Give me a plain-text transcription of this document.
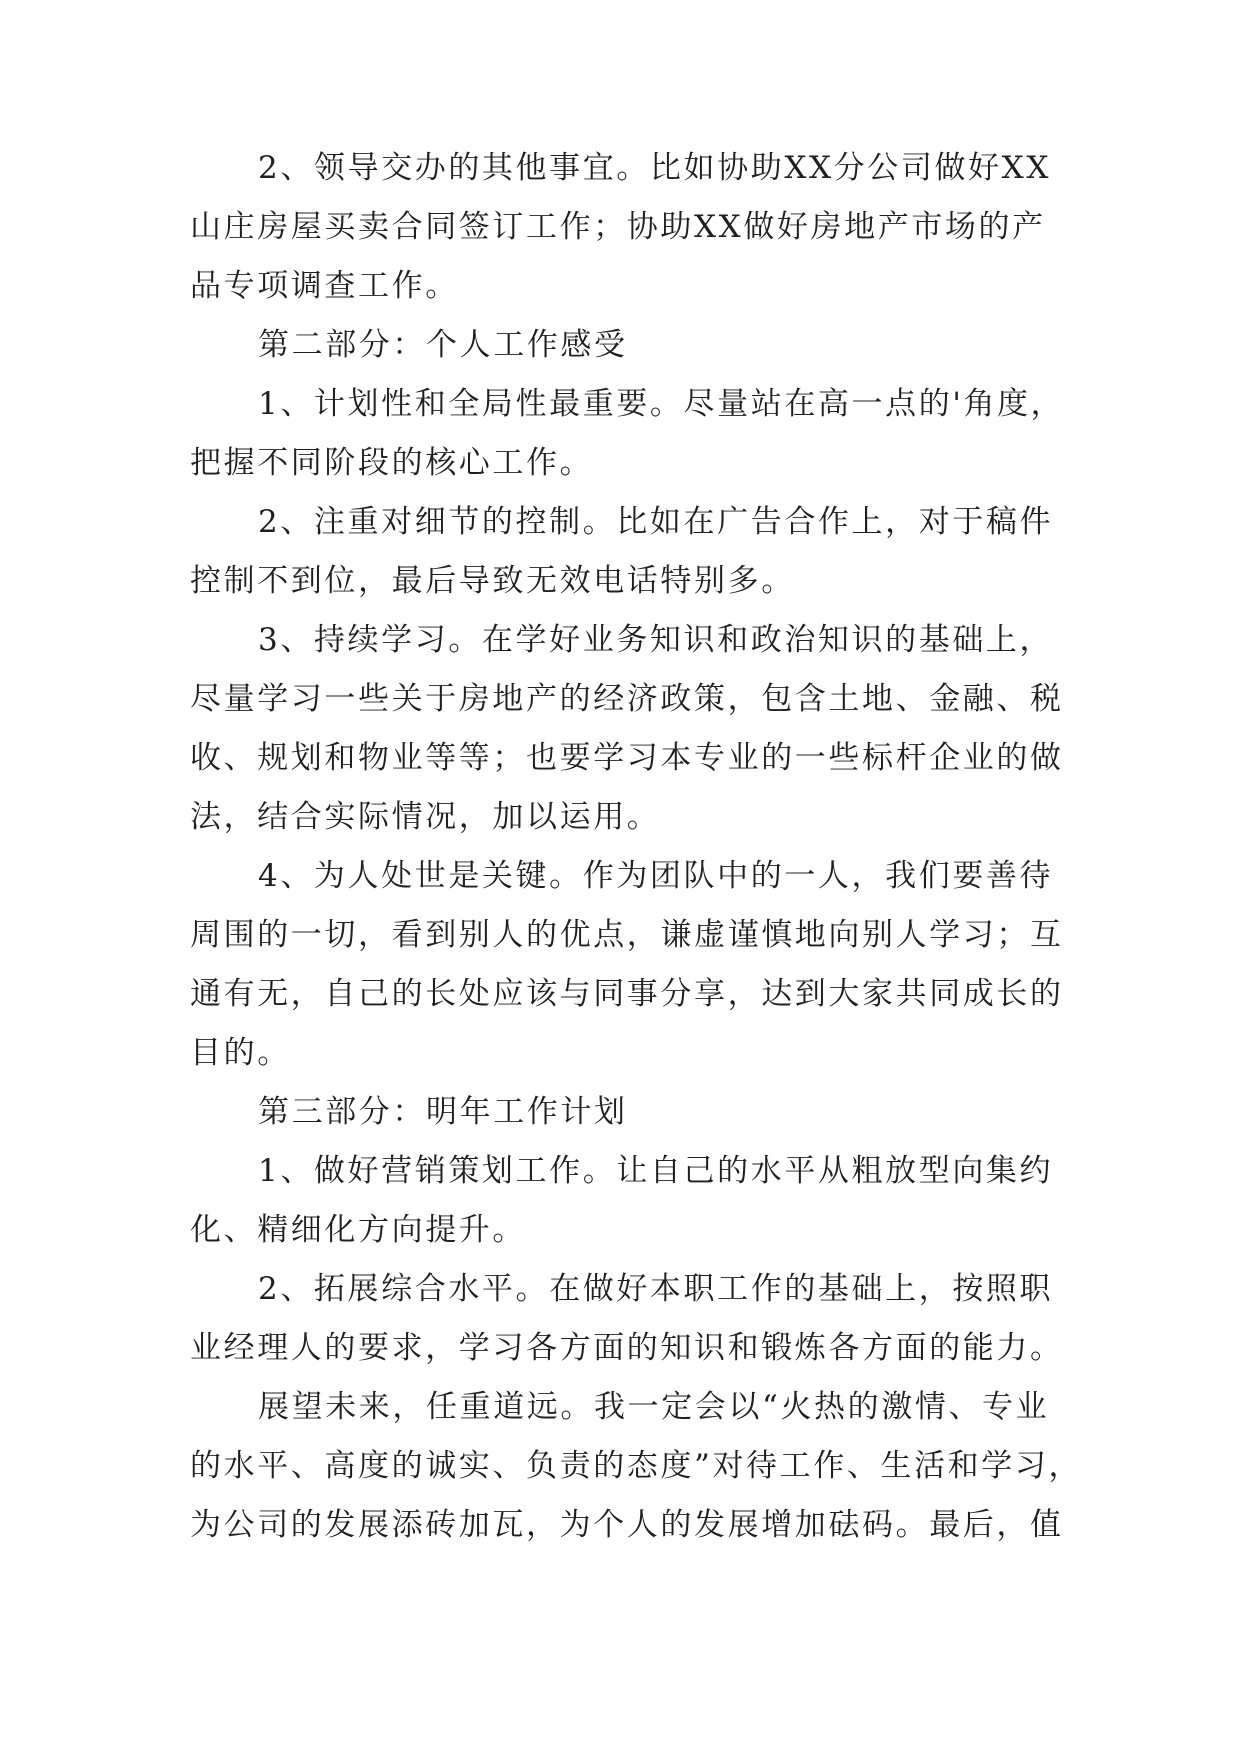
2、领导交办的其他事宜。比如协助XX分公司做好XX
山庄房屋买卖合同签订工作；协助XX做好房地产市场的产
品专项调查工作。
第二部分：个人工作感受
1、计划性和全局性最重要。尽量站在高一点的'角度，
把握不同阶段的核心工作。
2、注重对细节的控制。比如在广告合作上，对于稿件
控制不到位，最后导致无效电话特别多。
3、持续学习。在学好业务知识和政治知识的基础上，
尽量学习一些关于房地产的经济政策，包含土地、金融、税
收、规划和物业等等；也要学习本专业的一些标杆企业的做
法，结合实际情况，加以运用。
4、为人处世是关键。作为团队中的一人，我们要善待
周围的一切，看到别人的优点，谦虚谨慎地向别人学习；互
通有无，自己的长处应该与同事分享，达到大家共同成长的
目的。
第三部分：明年工作计划
1、做好营销策划工作。让自己的水平从粗放型向集约
化、精细化方向提升。
2、拓展综合水平。在做好本职工作的基础上，按照职
业经理人的要求，学习各方面的知识和锻炼各方面的能力。
展望未来，任重道远。我一定会以“火热的激情、专业
的水平、高度的诚实、负责的态度”对待工作、生活和学习，
为公司的发展添砖加瓦，为个人的发展增加砝码。最后，值
